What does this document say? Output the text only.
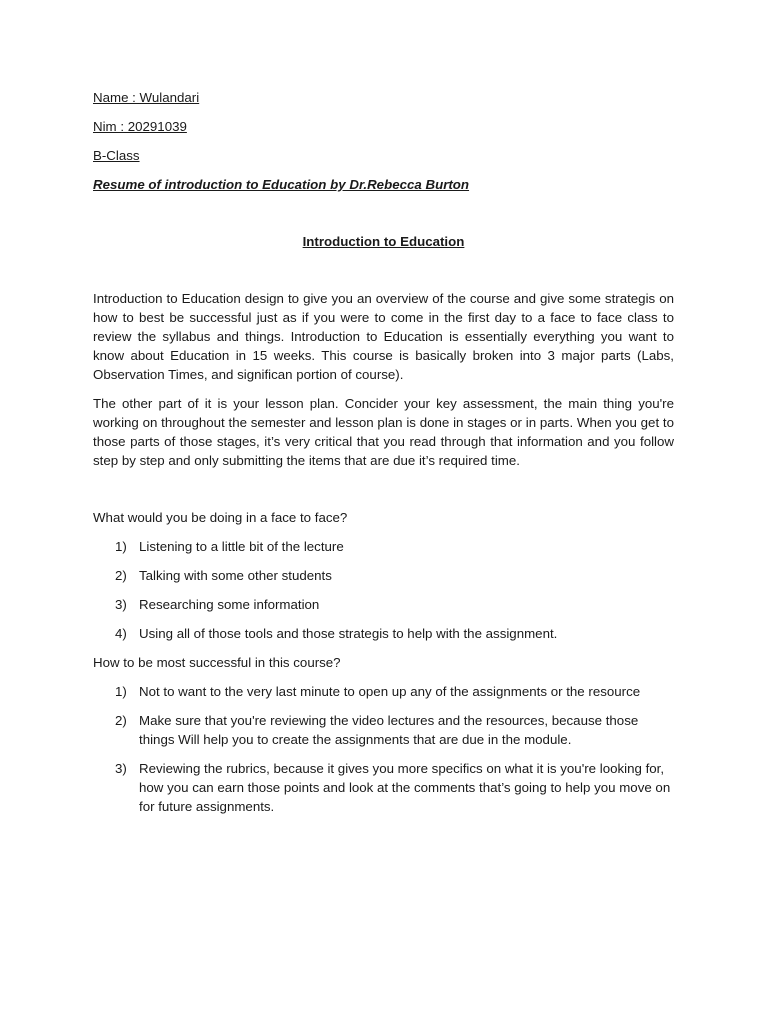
Name : Wulandari

Nim : 20291039

B-Class

Resume of introduction to Education by Dr.Rebecca Burton

Introduction to Education

Introduction to Education design to give you an overview of the course and give some strategis on how to best be successful just as if you were to come in the first day to a face to face class to review the syllabus and things. Introduction to Education is essentially everything you want to know about Education in 15 weeks. This course is basically broken into 3 major parts (Labs, Observation Times, and significan portion of course).

The other part of it is your lesson plan. Concider your key assessment, the main thing you're working on throughout the semester and lesson plan is done in stages or in parts. When you get to those parts of those stages, it’s very critical that you read through that information and you follow step by step and only submitting the items that are due it’s required time.

What would you be doing in a face to face?

1) Listening to a little bit of the lecture
2) Talking with some other students
3) Researching some information
4) Using all of those tools and those strategis to help with the assignment.

How to be most successful in this course?

1) Not to want to the very last minute to open up any of the assignments or the resource
2) Make sure that you're reviewing the video lectures and the resources, because those things Will help you to create the assignments that are due in the module.
3) Reviewing the rubrics, because it gives you more specifics on what it is you're looking for, how you can earn those points and look at the comments that’s going to help you move on for future assignments.
